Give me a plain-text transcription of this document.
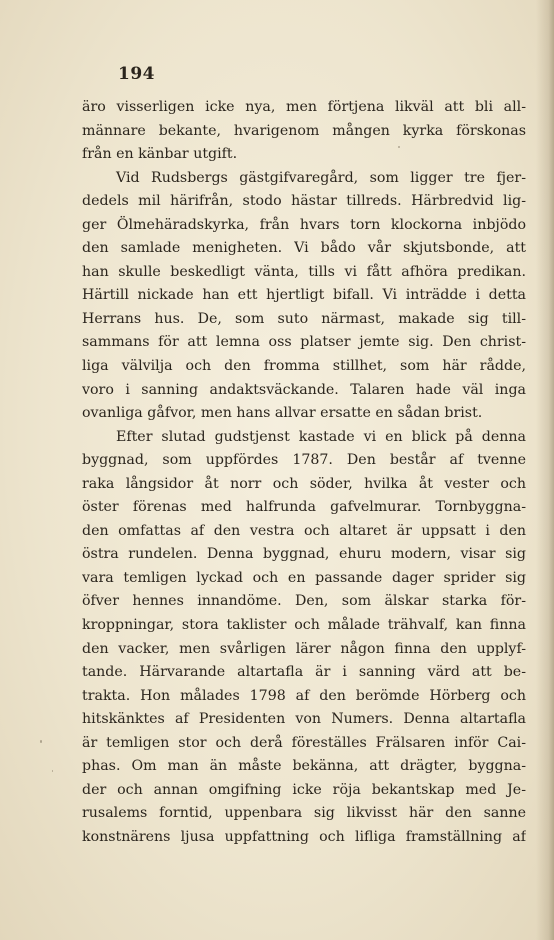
194
äro visserligen icke nya, men förtjena likväl att bli all-
männare bekante, hvarigenom mången kyrka förskonas
från en känbar utgift.
Vid Rudsbergs gästgifvaregård, som ligger tre fjer-
dedels mil härifrån, stodo hästar tillreds. Härbredvid lig-
ger Ölmehäradskyrka, från hvars torn klockorna inbjödo
den samlade menigheten. Vi bådo vår skjutsbonde, att
han skulle beskedligt vänta, tills vi fått afhöra predikan.
Härtill nickade han ett hjertligt bifall. Vi inträdde i detta
Herrans hus. De, som suto närmast, makade sig till-
sammans för att lemna oss platser jemte sig. Den christ-
liga välvilja och den fromma stillhet, som här rådde,
voro i sanning andaktsväckande. Talaren hade väl inga
ovanliga gåfvor, men hans allvar ersatte en sådan brist.
Efter slutad gudstjenst kastade vi en blick på denna
byggnad, som uppfördes 1787. Den består af tvenne
raka långsidor åt norr och söder, hvilka åt vester och
öster förenas med halfrunda gafvelmurar. Tornbyggna-
den omfattas af den vestra och altaret är uppsatt i den
östra rundelen. Denna byggnad, ehuru modern, visar sig
vara temligen lyckad och en passande dager sprider sig
öfver hennes innandöme. Den, som älskar starka för-
kroppningar, stora taklister och målade trähvalf, kan finna
den vacker, men svårligen lärer någon finna den upplyf-
tande. Härvarande altartafla är i sanning värd att be-
trakta. Hon målades 1798 af den berömde Hörberg och
hitskänktes af Presidenten von Numers. Denna altartafla
är temligen stor och derå föreställes Frälsaren inför Cai-
phas. Om man än måste bekänna, att drägter, byggna-
der och annan omgifning icke röja bekantskap med Je-
rusalems forntid, uppenbara sig likvisst här den sanne
konstnärens ljusa uppfattning och lifliga framställning af
